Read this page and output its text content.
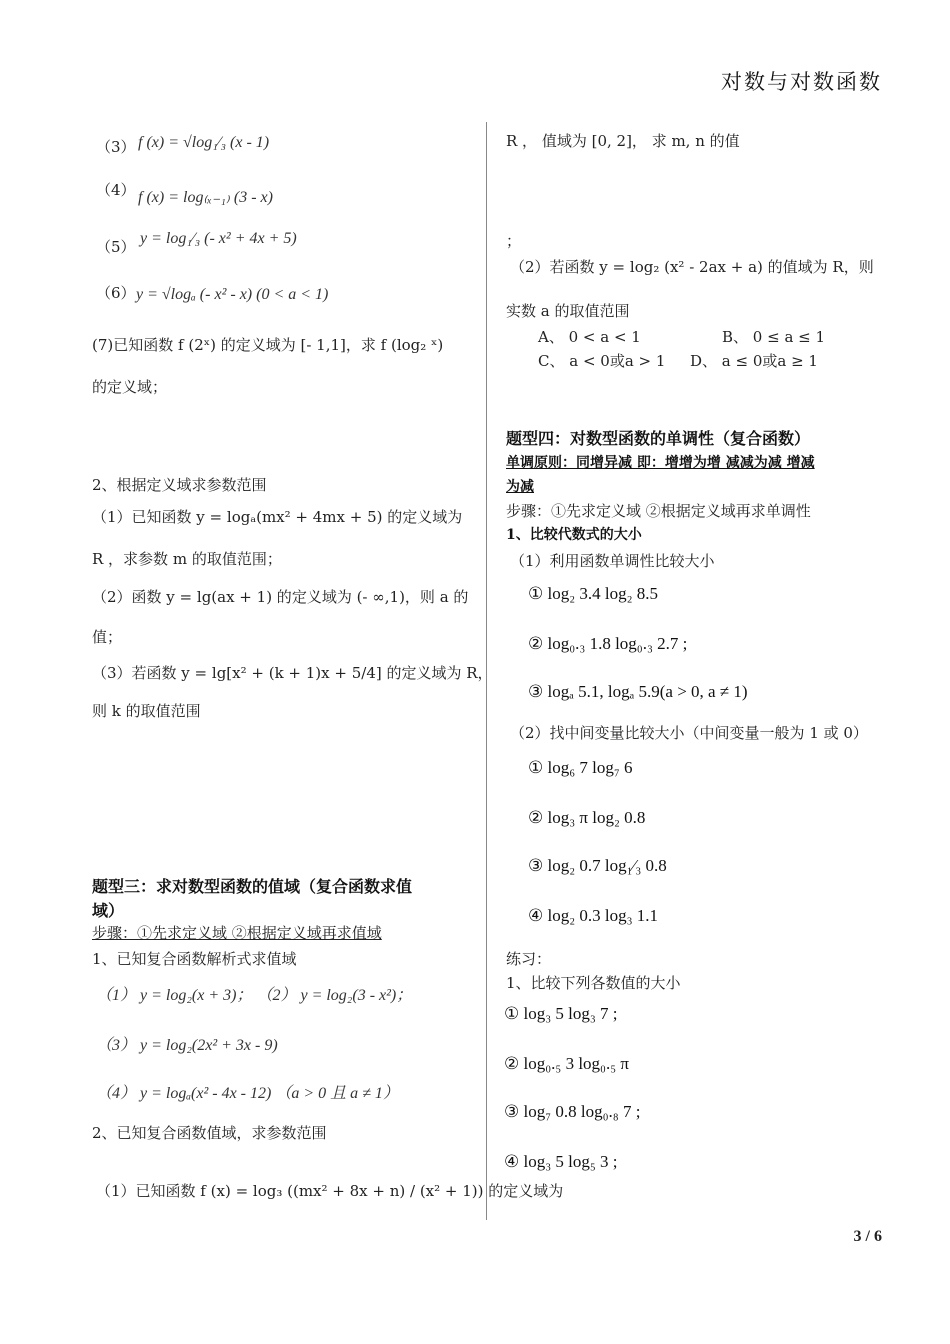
对数与对数函数
（3） f (x) = √log₁⁄₃ (x - 1)
（4） f (x) = log₍ₓ₋₁₎ (3 - x)
（5） y = log₁⁄₃ (- x² + 4x + 5)
（6） y = √logₐ (- x² - x) (0 < a < 1)
(7)已知函数 f (2ˣ) 的定义域为 [- 1,1]，求 f (log₂ ˣ)
的定义域；
2、根据定义域求参数范围
（1）已知函数 y = logₐ(mx² + 4mx + 5) 的定义域为
R ，求参数 m 的取值范围；
（2）函数 y = lg(ax + 1) 的定义域为 (- ∞,1)，则 a 的
值；
（3）若函数 y = lg[x² + (k + 1)x + 5/4] 的定义域为 R，
则 k 的取值范围
题型三：求对数型函数的值域（复合函数求值
域）
步骤：①先求定义域 ②根据定义域再求值域
1、已知复合函数解析式求值域
（1） y = log₂(x + 3)； （2） y = log₂(3 - x²)；
（3） y = log₂(2x² + 3x - 9)
（4） y = logₐ(x² - 4x - 12) （a > 0 且 a ≠ 1）
2、已知复合函数值域，求参数范围
（1）已知函数 f (x) = log₃ ((mx² + 8x + n) / (x² + 1)) 的定义域为
R ， 值域为 [0, 2]， 求 m, n 的值
；
（2）若函数 y = log₂ (x² - 2ax + a) 的值域为 R，则
实数 a 的取值范围
A、 0 < a < 1	B、 0 ≤ a ≤ 1
C、 a < 0或a > 1 D、 a ≤ 0或a ≥ 1
题型四：对数型函数的单调性（复合函数）
单调原则：同增异减 即：增增为增 减减为减 增减
为减
步骤：①先求定义域 ②根据定义域再求单调性
1、比较代数式的大小
（1）利用函数单调性比较大小
① log₂ 3.4 log₂ 8.5
② log₀.₃ 1.8 log₀.₃ 2.7 ;
③ logₐ 5.1, logₐ 5.9(a > 0, a ≠ 1)
（2）找中间变量比较大小（中间变量一般为 1 或 0）
① log₆ 7 log₇ 6
② log₃ π log₂ 0.8
③ log₂ 0.7 log₁⁄₃ 0.8
④ log₂ 0.3 log₃ 1.1
练习：
1、比较下列各数值的大小
① log₃ 5 log₃ 7 ;
② log₀.₅ 3 log₀.₅ π
③ log₇ 0.8 log₀.₈ 7 ;
④ log₃ 5 log₅ 3 ;
3 / 6
